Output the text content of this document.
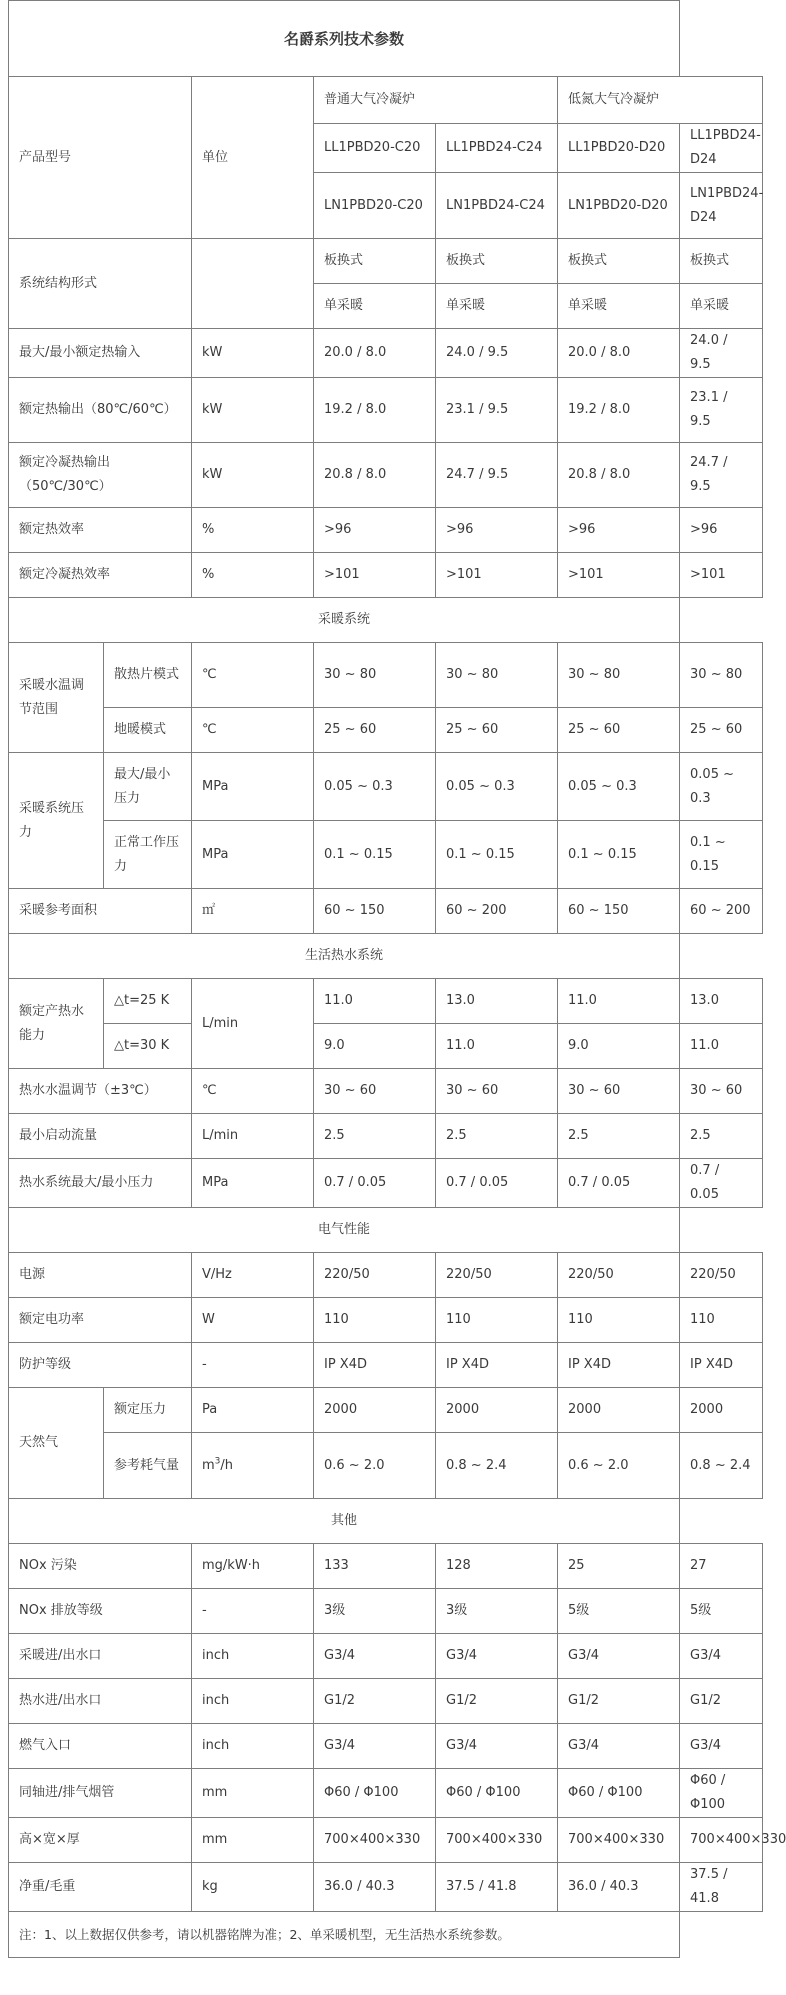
名爵系列技术参数						
产品型号		单位	普通大气冷凝炉		低氮大气冷凝炉	
			LL1PBD20-C20	LL1PBD24-C24	LL1PBD20-D20	LL1PBD24-D24
			LN1PBD20-C20	LN1PBD24-C24	LN1PBD20-D20	LN1PBD24-D24
系统结构形式			板换式	板换式	板换式	板换式
			单采暖	单采暖	单采暖	单采暖
最大/最小额定热输入		kW	20.0 / 8.0	24.0 / 9.5	20.0 / 8.0	24.0 / 9.5
额定热输出（80℃/60℃）		kW	19.2 / 8.0	23.1 / 9.5	19.2 / 8.0	23.1 / 9.5
额定冷凝热输出（50℃/30℃）		kW	20.8 / 8.0	24.7 / 9.5	20.8 / 8.0	24.7 / 9.5
额定热效率		%	>96	>96	>96	>96
额定冷凝热效率		%	>101	>101	>101	>101
采暖系统						
采暖水温调节范围	散热片模式	℃	30 ~ 80	30 ~ 80	30 ~ 80	30 ~ 80
	地暖模式	℃	25 ~ 60	25 ~ 60	25 ~ 60	25 ~ 60
采暖系统压力	最大/最小压力	MPa	0.05 ~ 0.3	0.05 ~ 0.3	0.05 ~ 0.3	0.05 ~ 0.3
	正常工作压力	MPa	0.1 ~ 0.15	0.1 ~ 0.15	0.1 ~ 0.15	0.1 ~ 0.15
采暖参考面积		㎡	60 ~ 150	60 ~ 200	60 ~ 150	60 ~ 200
生活热水系统						
额定产热水能力	△t=25 K	L/min	11.0	13.0	11.0	13.0
	△t=30 K		9.0	11.0	9.0	11.0
热水水温调节（±3℃）		℃	30 ~ 60	30 ~ 60	30 ~ 60	30 ~ 60
最小启动流量		L/min	2.5	2.5	2.5	2.5
热水系统最大/最小压力		MPa	0.7 / 0.05	0.7 / 0.05	0.7 / 0.05	0.7 / 0.05
电气性能						
电源		V/Hz	220/50	220/50	220/50	220/50
额定电功率		W	110	110	110	110
防护等级		-	IP X4D	IP X4D	IP X4D	IP X4D
天然气	额定压力	Pa	2000	2000	2000	2000
	参考耗气量	$m^3/h$	0.6 ~ 2.0	0.8 ~ 2.4	0.6 ~ 2.0	0.8 ~ 2.4
其他						
NOx 污染		mg/kW·h	133	128	25	27
NOx 排放等级		-	3级	3级	5级	5级
采暖进/出水口		inch	G3/4	G3/4	G3/4	G3/4
热水进/出水口		inch	G1/2	G1/2	G1/2	G1/2
燃气入口		inch	G3/4	G3/4	G3/4	G3/4
同轴进/排气烟管		mm	Φ60 / Φ100	Φ60 / Φ100	Φ60 / Φ100	Φ60 / Φ100
高×宽×厚		mm	700×400×330	700×400×330	700×400×330	700×400×330
净重/毛重		kg	36.0 / 40.3	37.5 / 41.8	36.0 / 40.3	37.5 / 41.8
注：1、以上数据仅供参考，请以机器铭牌为准；2、单采暖机型，无生活热水系统参数。						
